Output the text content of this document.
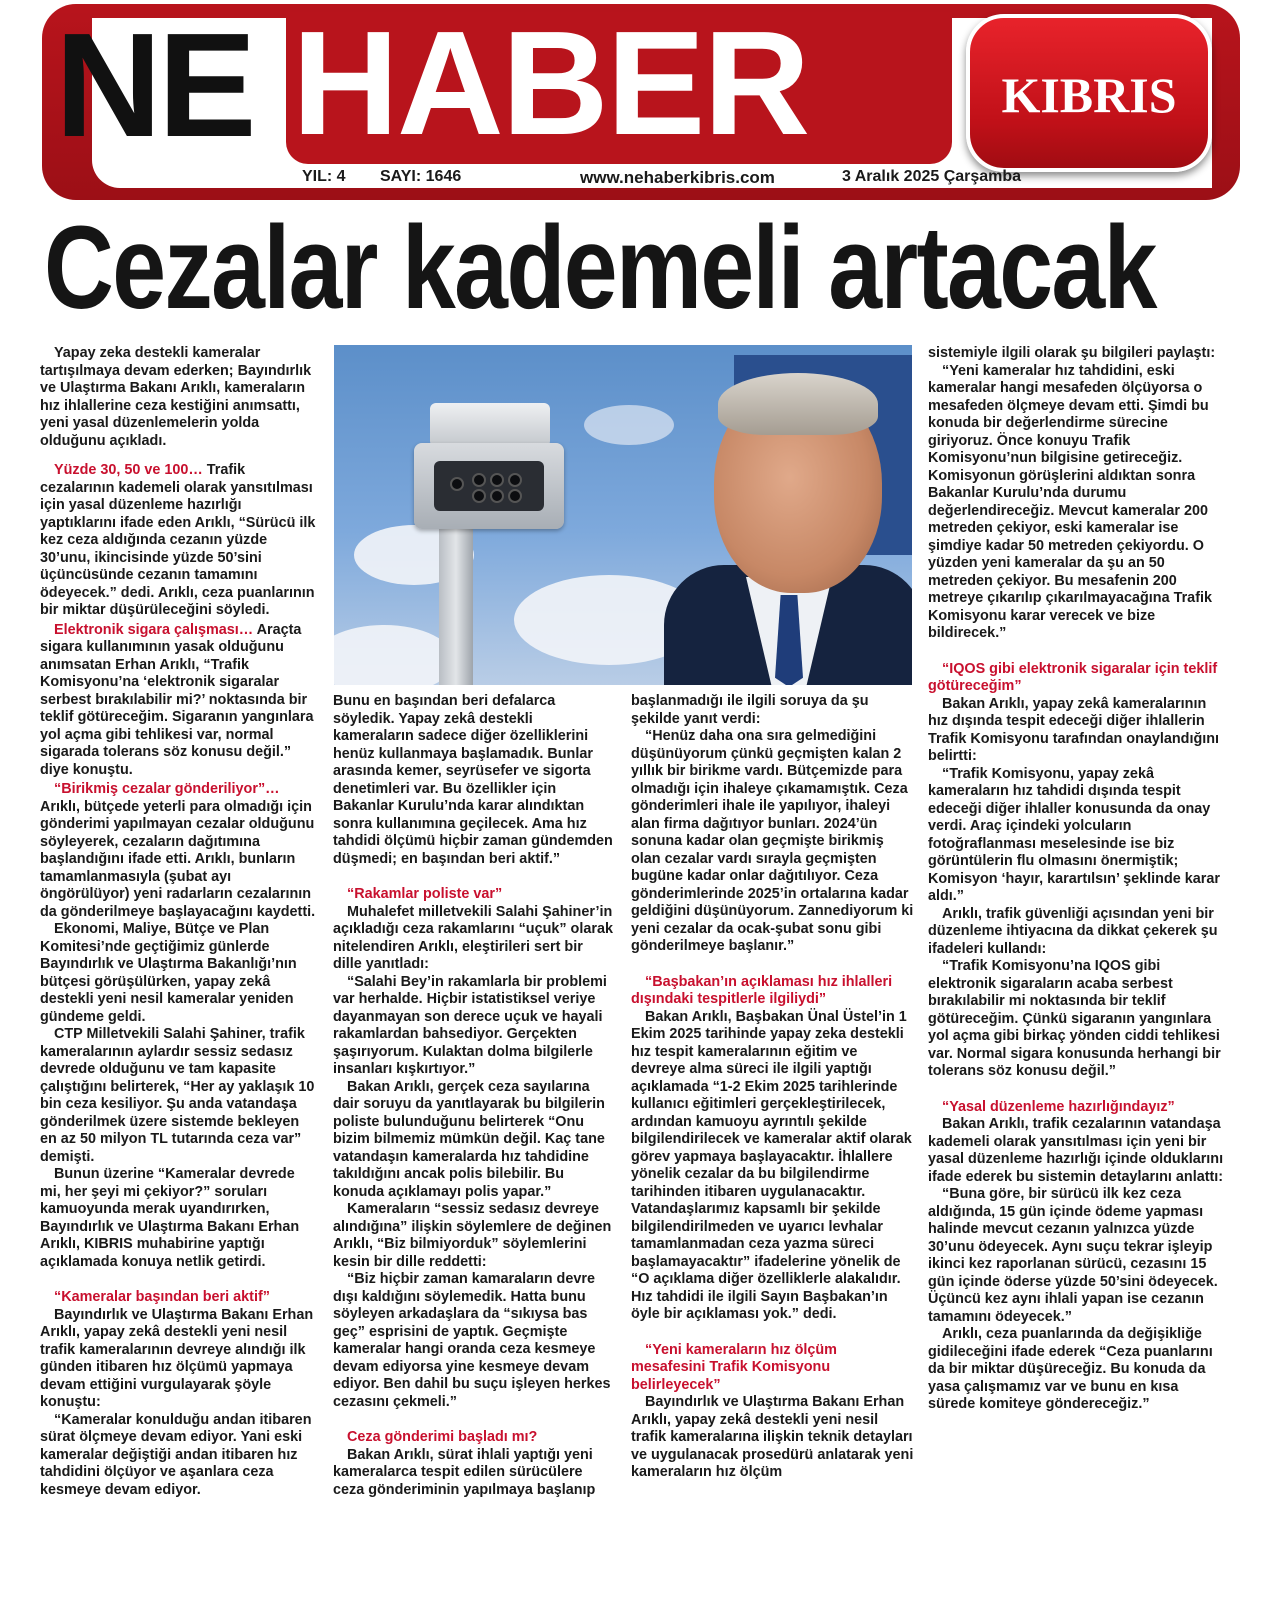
NE HABER	KIBRIS
YIL: 4 SAYI: 1646	www.nehaberkibris.com	3 Aralık 2025 Çarşamba
Cezalar kademeli artacak

Yapay zeka destekli kameralar tartışılmaya devam ederken; Bayındırlık ve Ulaştırma Bakanı Arıklı, kameraların hız ihlallerine ceza kestiğini anımsattı, yeni yasal düzenlemelerin yolda olduğunu açıkladı.

Yüzde 30, 50 ve 100… Trafik cezalarının kademeli olarak yansıtılması için yasal düzenleme hazırlığı yaptıklarını ifade eden Arıklı, “Sürücü ilk kez ceza aldığında cezanın yüzde 30’unu, ikincisinde yüzde 50’sini üçüncüsünde cezanın tamamını ödeyecek.” dedi. Arıklı, ceza puanlarının bir miktar düşürüleceğini söyledi.

Elektronik sigara çalışması… Araçta sigara kullanımının yasak olduğunu anımsatan Erhan Arıklı, “Trafik Komisyonu’na ‘elektronik sigaralar serbest bırakılabilir mi?’ noktasında bir teklif götüreceğim. Sigaranın yangınlara yol açma gibi tehlikesi var, normal sigarada tolerans söz konusu değil.” diye konuştu.

“Birikmiş cezalar gönderiliyor”…

Arıklı, bütçede yeterli para olmadığı için gönderimi yapılmayan cezalar olduğunu söyleyerek, cezaların dağıtımına başlandığını ifade etti. Arıklı, bunların tamamlanmasıyla (şubat ayı öngörülüyor) yeni radarların cezalarının da gönderilmeye başlayacağını kaydetti.

Ekonomi, Maliye, Bütçe ve Plan Komitesi’nde geçtiğimiz günlerde Bayındırlık ve Ulaştırma Bakanlığı’nın bütçesi görüşülürken, yapay zekâ destekli yeni nesil kameralar yeniden gündeme geldi.

CTP Milletvekili Salahi Şahiner, trafik kameralarının aylardır sessiz sedasız devrede olduğunu ve tam kapasite çalıştığını belirterek, “Her ay yaklaşık 10 bin ceza kesiliyor. Şu anda vatandaşa gönderilmek üzere sistemde bekleyen en az 50 milyon TL tutarında ceza var” demişti.

Bunun üzerine “Kameralar devrede mi, her şeyi mi çekiyor?” soruları kamuoyunda merak uyandırırken, Bayındırlık ve Ulaştırma Bakanı Erhan Arıklı, KIBRIS muhabirine yaptığı açıklamada konuya netlik getirdi.

“Kameralar başından beri aktif”

Bayındırlık ve Ulaştırma Bakanı Erhan Arıklı, yapay zekâ destekli yeni nesil trafik kameralarının devreye alındığı ilk günden itibaren hız ölçümü yapmaya devam ettiğini vurgulayarak şöyle konuştu:

“Kameralar konulduğu andan itibaren sürat ölçmeye devam ediyor. Yani eski kameralar değiştiği andan itibaren hız tahdidini ölçüyor ve aşanlara ceza kesmeye devam ediyor.

Bunu en başından beri defalarca söyledik. Yapay zekâ destekli kameraların sadece diğer özelliklerini henüz kullanmaya başlamadık. Bunlar arasında kemer, seyrüsefer ve sigorta denetimleri var. Bu özellikler için Bakanlar Kurulu’nda karar alındıktan sonra kullanımına geçilecek. Ama hız tahdidi ölçümü hiçbir zaman gündemden düşmedi; en başından beri aktif.”

“Rakamlar poliste var”

Muhalefet milletvekili Salahi Şahiner’in açıkladığı ceza rakamlarını “uçuk” olarak nitelendiren Arıklı, eleştirileri sert bir dille yanıtladı:

“Salahi Bey’in rakamlarla bir problemi var herhalde. Hiçbir istatistiksel veriye dayanmayan son derece uçuk ve hayali rakamlardan bahsediyor. Gerçekten şaşırıyorum. Kulaktan dolma bilgilerle insanları kışkırtıyor.”

Bakan Arıklı, gerçek ceza sayılarına dair soruyu da yanıtlayarak bu bilgilerin poliste bulunduğunu belirterek “Onu bizim bilmemiz mümkün değil. Kaç tane vatandaşın kameralarda hız tahdidine takıldığını ancak polis bilebilir. Bu konuda açıklamayı polis yapar.”

Kameraların “sessiz sedasız devreye alındığına” ilişkin söylemlere de değinen Arıklı, “Biz bilmiyorduk” söylemlerini kesin bir dille reddetti:

“Biz hiçbir zaman kamaraların devre dışı kaldığını söylemedik. Hatta bunu söyleyen arkadaşlara da “sıkıysa bas geç” esprisini de yaptık. Geçmişte kameralar hangi oranda ceza kesmeye devam ediyorsa yine kesmeye devam ediyor. Ben dahil bu suçu işleyen herkes cezasını çekmeli.”

Ceza gönderimi başladı mı?

Bakan Arıklı, sürat ihlali yaptığı yeni kameralarca tespit edilen sürücülere ceza gönderiminin yapılmaya başlanıp

başlanmadığı ile ilgili soruya da şu şekilde yanıt verdi:

“Henüz daha ona sıra gelmediğini düşünüyorum çünkü geçmişten kalan 2 yıllık bir birikme vardı. Bütçemizde para olmadığı için ihaleye çıkamamıştık. Ceza gönderimleri ihale ile yapılıyor, ihaleyi alan firma dağıtıyor bunları. 2024’ün sonuna kadar olan geçmişte birikmiş olan cezalar vardı sırayla geçmişten bugüne kadar onlar dağıtılıyor. Ceza gönderimlerinde 2025’in ortalarına kadar geldiğini düşünüyorum. Zannediyorum ki yeni cezalar da ocak-şubat sonu gibi gönderilmeye başlanır.”

“Başbakan’ın açıklaması hız ihlalleri dışındaki tespitlerle ilgiliydi”

Bakan Arıklı, Başbakan Ünal Üstel’in 1 Ekim 2025 tarihinde yapay zeka destekli hız tespit kameralarının eğitim ve devreye alma süreci ile ilgili yaptığı açıklamada “1-2 Ekim 2025 tarihlerinde kullanıcı eğitimleri gerçekleştirilecek, ardından kamuoyu ayrıntılı şekilde bilgilendirilecek ve kameralar aktif olarak görev yapmaya başlayacaktır. İhlallere yönelik cezalar da bu bilgilendirme tarihinden itibaren uygulanacaktır. Vatandaşlarımız kapsamlı bir şekilde bilgilendirilmeden ve uyarıcı levhalar tamamlanmadan ceza yazma süreci başlamayacaktır” ifadelerine yönelik de “O açıklama diğer özelliklerle alakalıdır. Hız tahdidi ile ilgili Sayın Başbakan’ın öyle bir açıklaması yok.” dedi.

“Yeni kameraların hız ölçüm mesafesini Trafik Komisyonu belirleyecek”

Bayındırlık ve Ulaştırma Bakanı Erhan Arıklı, yapay zekâ destekli yeni nesil trafik kameralarına ilişkin teknik detayları ve uygulanacak prosedürü anlatarak yeni kameraların hız ölçüm

sistemiyle ilgili olarak şu bilgileri paylaştı:

“Yeni kameralar hız tahdidini, eski kameralar hangi mesafeden ölçüyorsa o mesafeden ölçmeye devam etti. Şimdi bu konuda bir değerlendirme sürecine giriyoruz. Önce konuyu Trafik Komisyonu’nun bilgisine getireceğiz. Komisyonun görüşlerini aldıktan sonra Bakanlar Kurulu’nda durumu değerlendireceğiz. Mevcut kameralar 200 metreden çekiyor, eski kameralar ise şimdiye kadar 50 metreden çekiyordu. O yüzden yeni kameralar da şu an 50 metreden çekiyor. Bu mesafenin 200 metreye çıkarılıp çıkarılmayacağına Trafik Komisyonu karar verecek ve bize bildirecek.”

“IQOS gibi elektronik sigaralar için teklif götüreceğim”

Bakan Arıklı, yapay zekâ kameralarının hız dışında tespit edeceği diğer ihlallerin Trafik Komisyonu tarafından onaylandığını belirtti:

“Trafik Komisyonu, yapay zekâ kameraların hız tahdidi dışında tespit edeceği diğer ihlaller konusunda da onay verdi. Araç içindeki yolcuların fotoğraflanması meselesinde ise biz görüntülerin flu olmasını önermiştik; Komisyon ‘hayır, karartılsın’ şeklinde karar aldı.”

Arıklı, trafik güvenliği açısından yeni bir düzenleme ihtiyacına da dikkat çekerek şu ifadeleri kullandı:

“Trafik Komisyonu’na IQOS gibi elektronik sigaraların acaba serbest bırakılabilir mi noktasında bir teklif götüreceğim. Çünkü sigaranın yangınlara yol açma gibi birkaç yönden ciddi tehlikesi var. Normal sigara konusunda herhangi bir tolerans söz konusu değil.”

“Yasal düzenleme hazırlığındayız”

Bakan Arıklı, trafik cezalarının vatandaşa kademeli olarak yansıtılması için yeni bir yasal düzenleme hazırlığı içinde olduklarını ifade ederek bu sistemin detaylarını anlattı:

“Buna göre, bir sürücü ilk kez ceza aldığında, 15 gün içinde ödeme yapması halinde mevcut cezanın yalnızca yüzde 30’unu ödeyecek. Aynı suçu tekrar işleyip ikinci kez raporlanan sürücü, cezasını 15 gün içinde öderse yüzde 50’sini ödeyecek. Üçüncü kez aynı ihlali yapan ise cezanın tamamını ödeyecek.”

Arıklı, ceza puanlarında da değişikliğe gidileceğini ifade ederek “Ceza puanlarını da bir miktar düşüreceğiz. Bu konuda da yasa çalışmamız var ve bunu en kısa sürede komiteye göndereceğiz.”
